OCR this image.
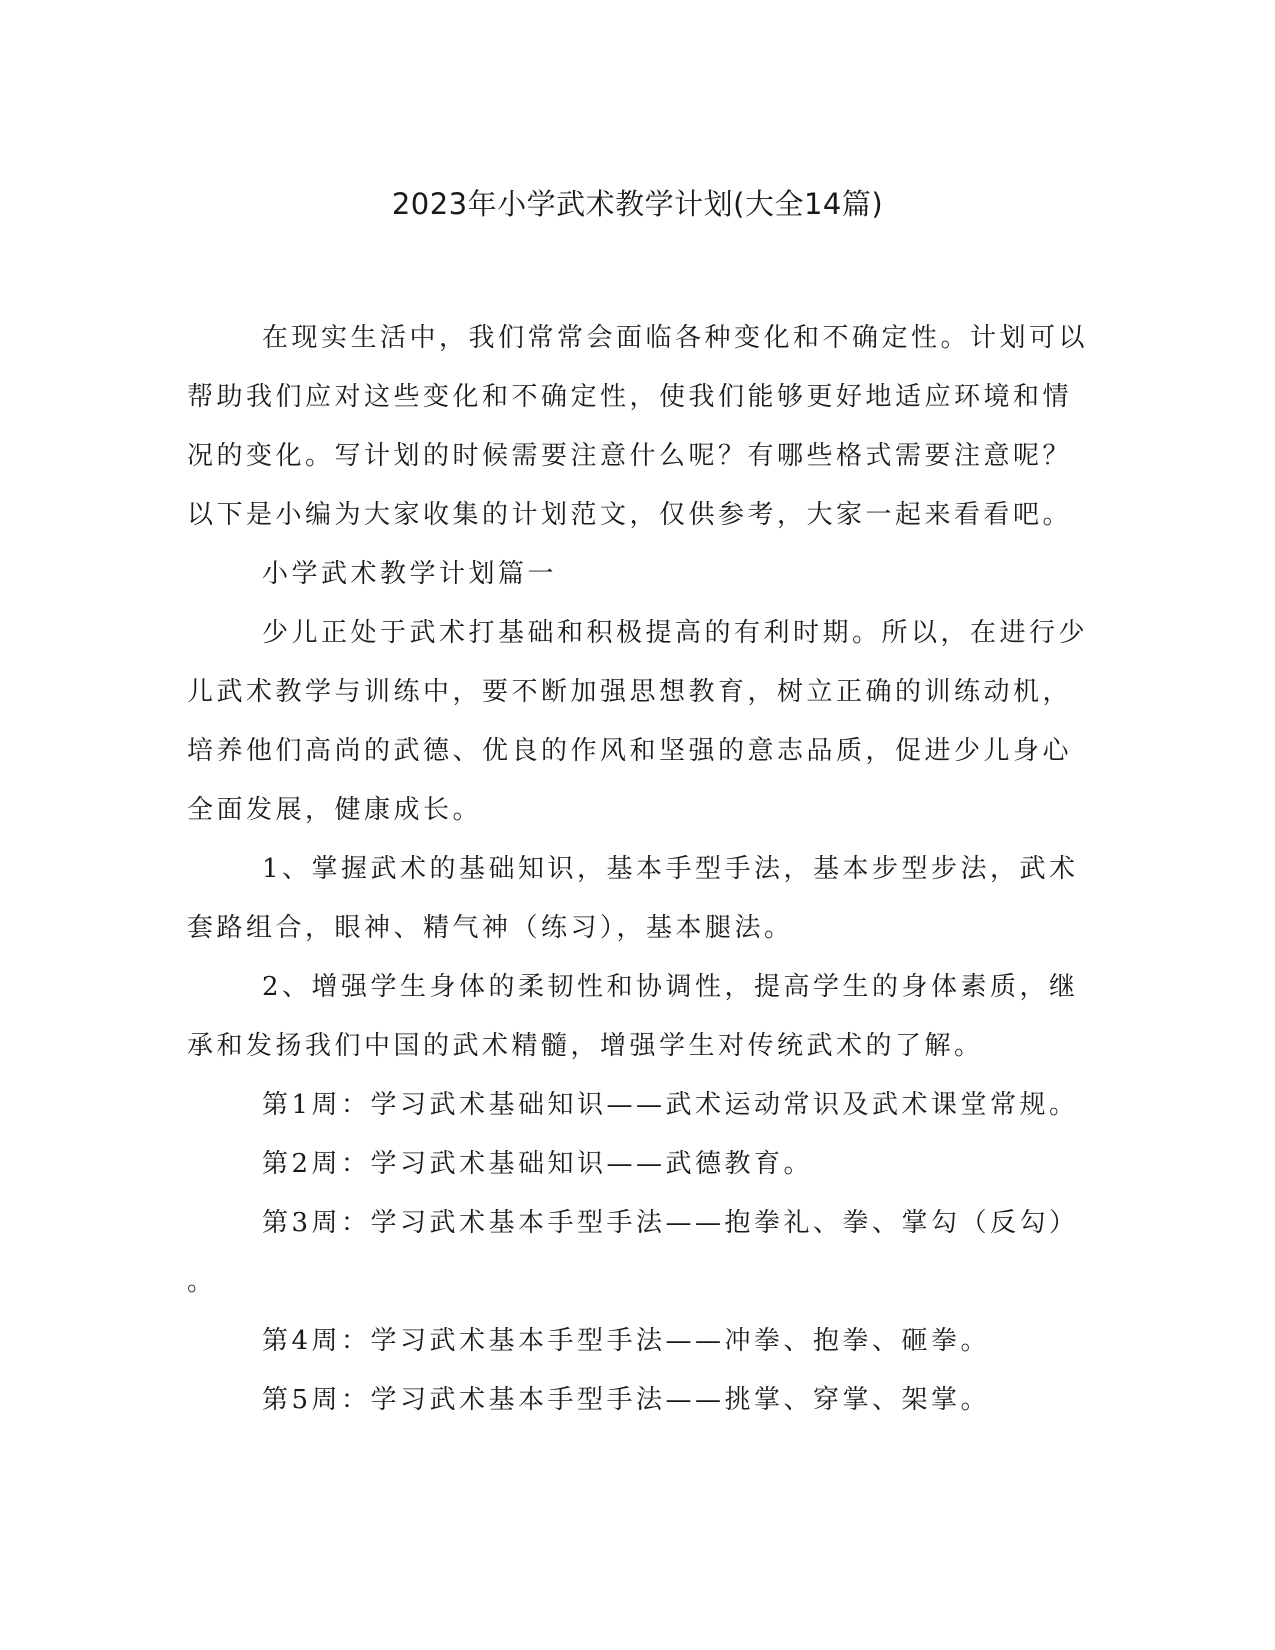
2023年小学武术教学计划(大全14篇)
在现实生活中，我们常常会面临各种变化和不确定性。计划可以
帮助我们应对这些变化和不确定性，使我们能够更好地适应环境和情
况的变化。写计划的时候需要注意什么呢？有哪些格式需要注意呢？
以下是小编为大家收集的计划范文，仅供参考，大家一起来看看吧。
小学武术教学计划篇一
少儿正处于武术打基础和积极提高的有利时期。所以，在进行少
儿武术教学与训练中，要不断加强思想教育，树立正确的训练动机，
培养他们高尚的武德、优良的作风和坚强的意志品质，促进少儿身心
全面发展，健康成长。
1、掌握武术的基础知识，基本手型手法，基本步型步法，武术
套路组合，眼神、精气神（练习），基本腿法。
2、增强学生身体的柔韧性和协调性，提高学生的身体素质，继
承和发扬我们中国的武术精髓，增强学生对传统武术的了解。
第1周：学习武术基础知识——武术运动常识及武术课堂常规。
第2周：学习武术基础知识——武德教育。
第3周：学习武术基本手型手法——抱拳礼、拳、掌勾（反勾）
。
第4周：学习武术基本手型手法——冲拳、抱拳、砸拳。
第5周：学习武术基本手型手法——挑掌、穿掌、架掌。
